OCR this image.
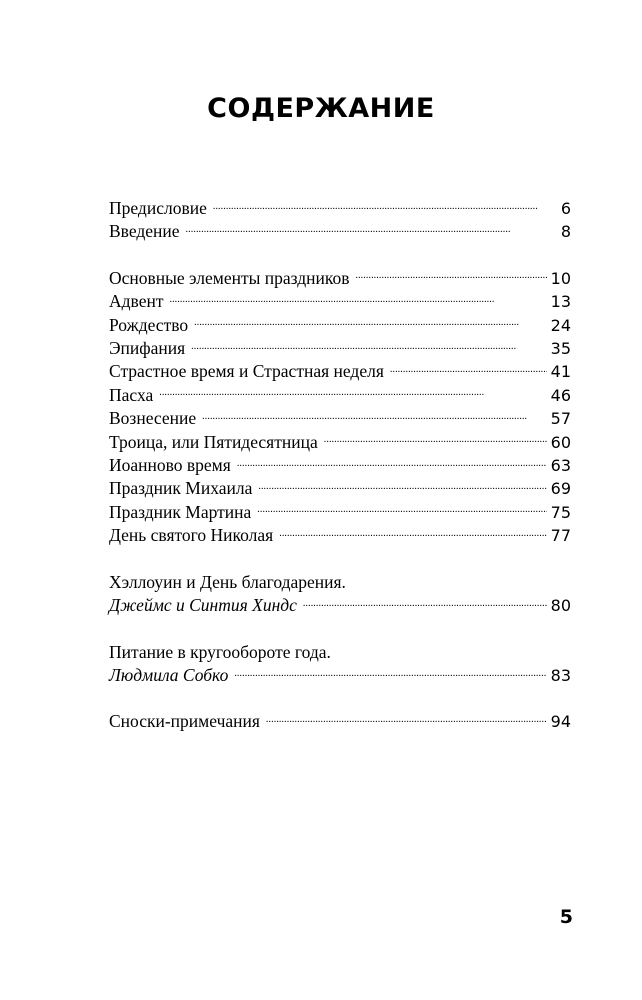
СОДЕРЖАНИЕ
Предисловие . . .	6
Введение . . .	8
Основные элементы праздников . . .	10
Адвент . . .	13
Рождество . . .	24
Эпифания . . .	35
Страстное время и Страстная неделя . . .	41
Пасха . . .	46
Вознесение . . .	57
Троица, или Пятидесятница . . .	60
Иоанново время . . .	63
Праздник Михаила . . .	69
Праздник Мартина . . .	75
День святого Николая . . .	77
Хэллоуин и День благодарения.
Джеймс и Синтия Хиндс . . .	80
Питание в кругообороте года.
Людмила Собко . . .	83
Сноски-примечания . . .	94
5
